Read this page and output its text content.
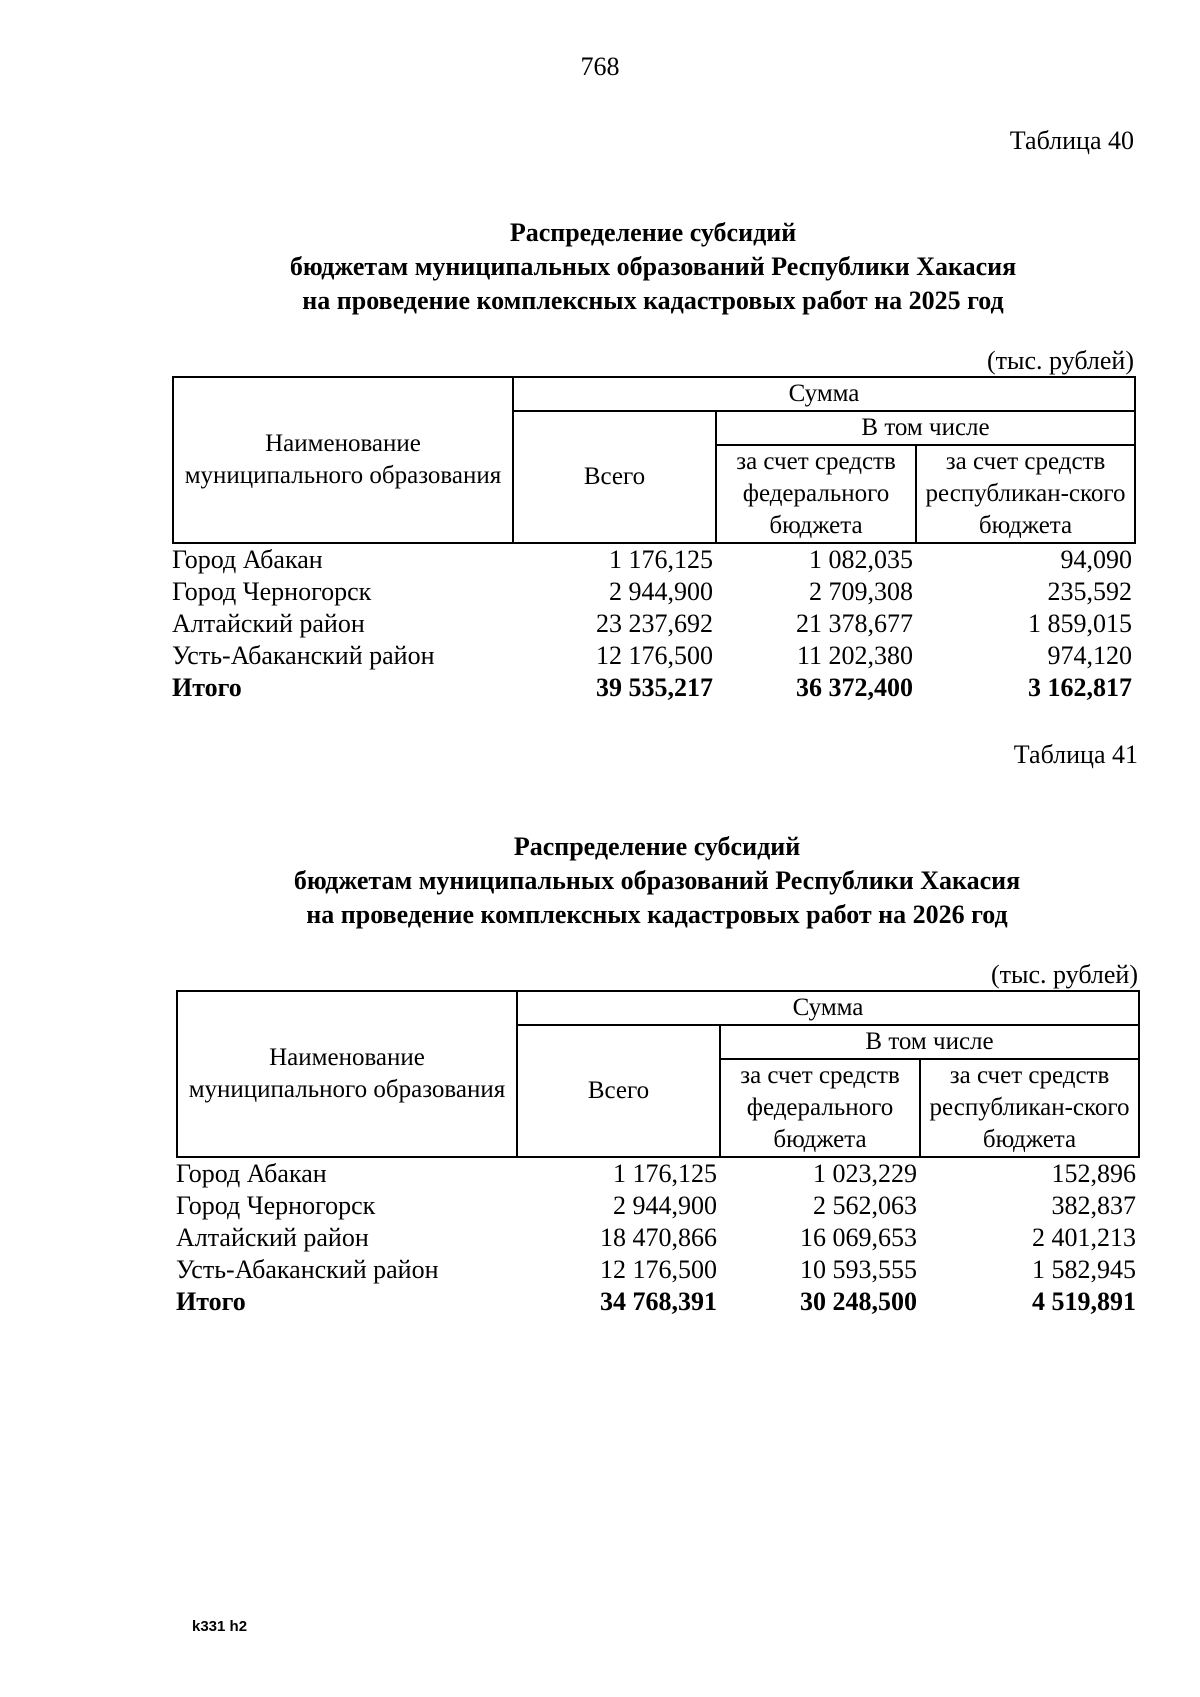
768
Таблица 40
Распределение субсидий
бюджетам муниципальных образований Республики Хакасия
на проведение комплексных кадастровых работ на 2025 год
(тыс. рублей)
Наименование муниципального образования	Сумма		
	Всего	В том числе	
		за счет средств федерального бюджета	за счет средств республикан-ского бюджета
Город Абакан	1 176,125	1 082,035	94,090
Город Черногорск	2 944,900	2 709,308	235,592
Алтайский район	23 237,692	21 378,677	1 859,015
Усть-Абаканский район	12 176,500	11 202,380	974,120
Итого	39 535,217	36 372,400	3 162,817
Таблица 41
Распределение субсидий
бюджетам муниципальных образований Республики Хакасия
на проведение комплексных кадастровых работ на 2026 год
(тыс. рублей)
Наименование муниципального образования	Сумма		
	Всего	В том числе	
		за счет средств федерального бюджета	за счет средств республикан-ского бюджета
Город Абакан	1 176,125	1 023,229	152,896
Город Черногорск	2 944,900	2 562,063	382,837
Алтайский район	18 470,866	16 069,653	2 401,213
Усть-Абаканский район	12 176,500	10 593,555	1 582,945
Итого	34 768,391	30 248,500	4 519,891
k331 h2
